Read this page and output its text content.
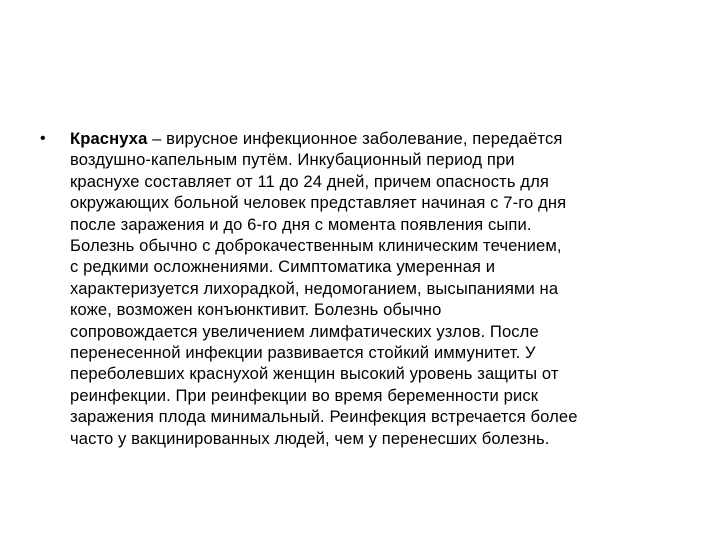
•	Краснуха – вирусное инфекционное заболевание, передаётся
воздушно-капельным путём. Инкубационный период при
краснухе составляет от 11 до 24 дней, причем опасность для
окружающих больной человек представляет начиная с 7-го дня
после заражения и до 6-го дня с момента появления сыпи.
Болезнь обычно с доброкачественным клиническим течением,
с редкими осложнениями. Симптоматика умеренная и
характеризуется лихорадкой, недомоганием, высыпаниями на
коже, возможен конъюнктивит. Болезнь обычно
сопровождается увеличением лимфатических узлов. После
перенесенной инфекции развивается стойкий иммунитет. У
переболевших краснухой женщин высокий уровень защиты от
реинфекции. При реинфекции во время беременности риск
заражения плода минимальный. Реинфекция встречается более
часто у вакцинированных людей, чем у перенесших болезнь.
